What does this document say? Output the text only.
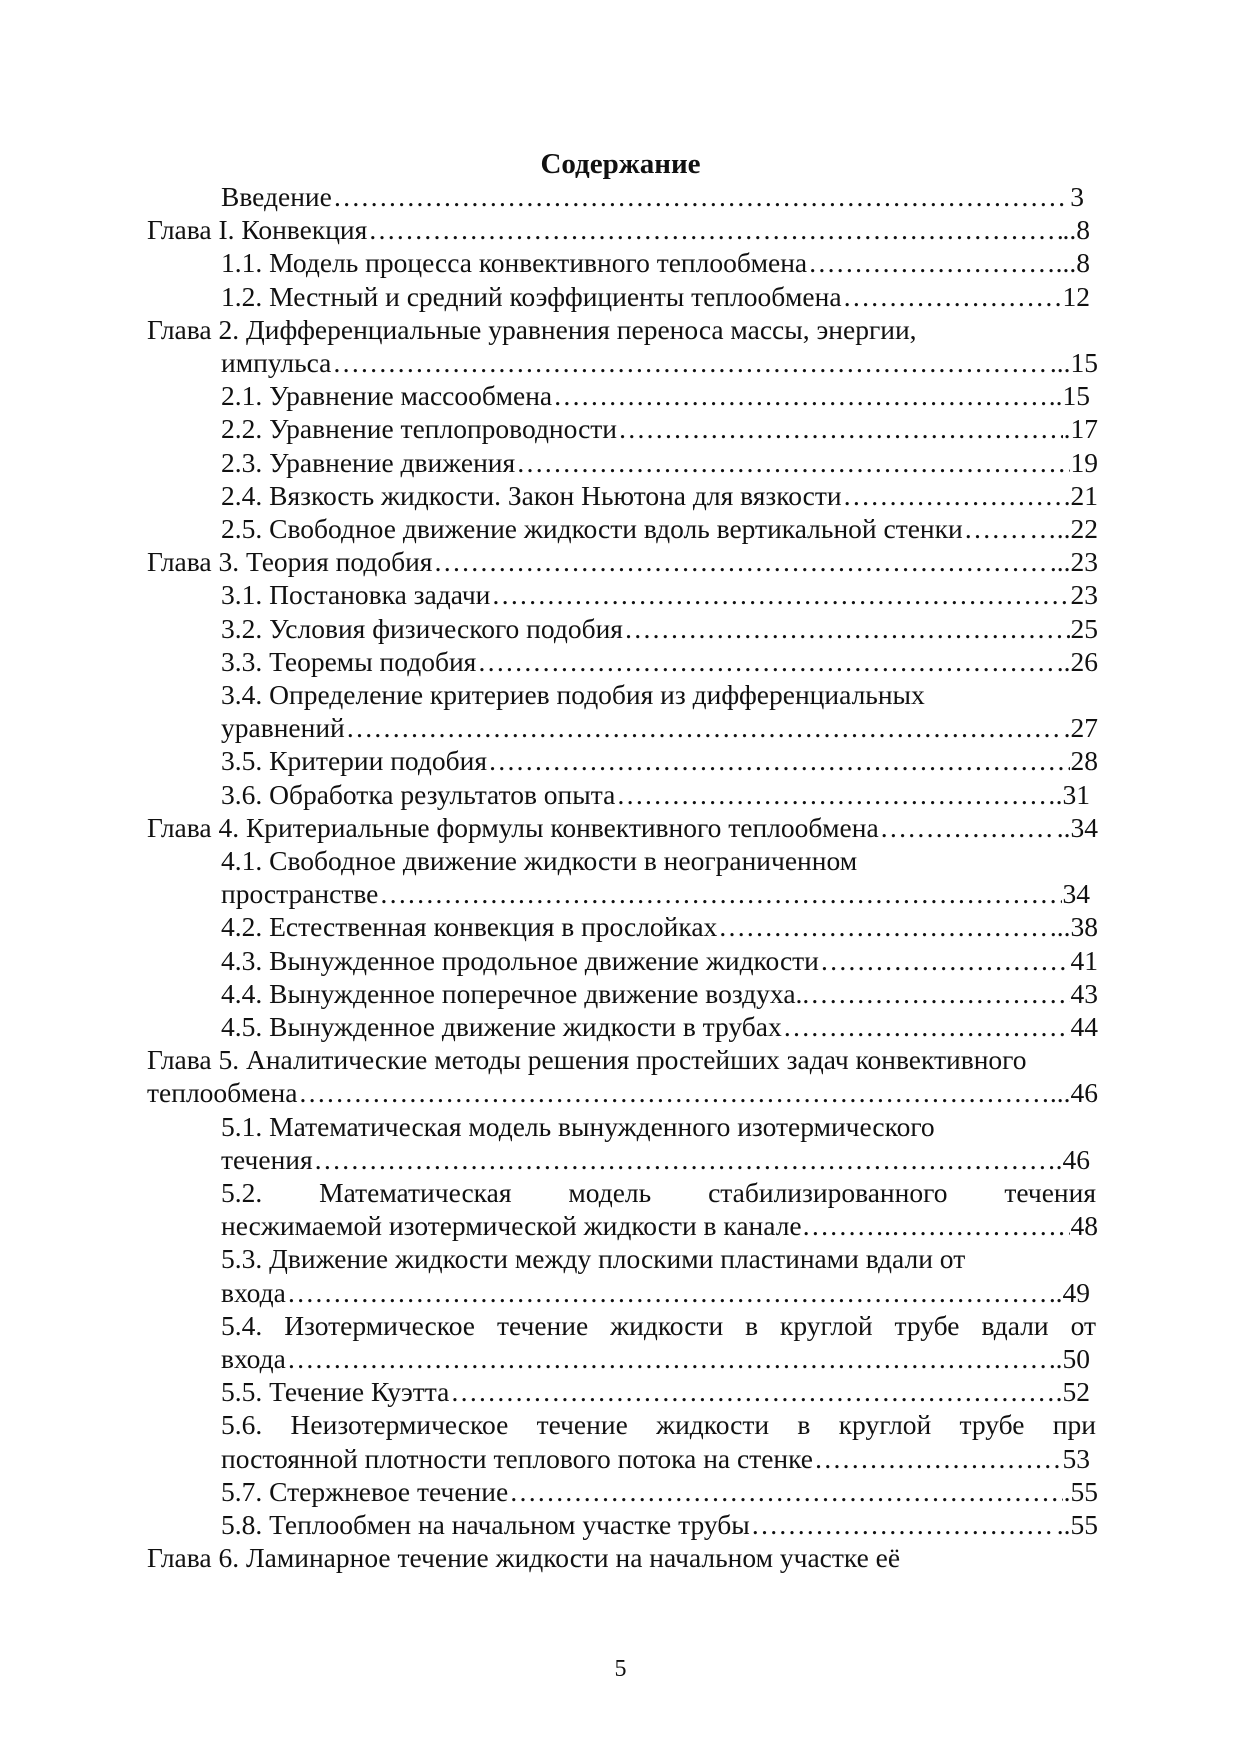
Содержание
Введение ……………………………………………………………………………………………………………………………………………………………………………………	3
Глава I. Конвекция ……………………………………………………………………………………………………………………………………………………………………………………	..8
1.1. Модель процесса конвективного теплообмена ……………………………………………………………………………………………………………………………………………………………………………………	...8
1.2. Местный и средний коэффициенты теплообмена ……………………………………………………………………………………………………………………………………………………………………………………	12
Глава 2. Дифференциальные уравнения переноса массы, энергии,
импульса ……………………………………………………………………………………………………………………………………………………………………………………	...15
2.1. Уравнение массообмена ……………………………………………………………………………………………………………………………………………………………………………………	..15
2.2. Уравнение теплопроводности ……………………………………………………………………………………………………………………………………………………………………………………	.17
2.3. Уравнение движения ……………………………………………………………………………………………………………………………………………………………………………………	19
2.4. Вязкость жидкости. Закон Ньютона для вязкости ……………………………………………………………………………………………………………………………………………………………………………………	21
2.5. Свободное движение жидкости вдоль вертикальной стенки …………………………………………………………………………………………………………………………………………………………………………………… …..22
Глава 3. Теория подобия ……………………………………………………………………………………………………………………………………………………………………………………	...23
3.1. Постановка задачи ……………………………………………………………………………………………………………………………………………………………………………………	23
3.2. Условия физического подобия ……………………………………………………………………………………………………………………………………………………………………………………	25
3.3. Теоремы подобия ……………………………………………………………………………………………………………………………………………………………………………………	..26
3.4. Определение критериев подобия из дифференциальных
уравнений ……………………………………………………………………………………………………………………………………………………………………………………	.27
3.5. Критерии подобия ……………………………………………………………………………………………………………………………………………………………………………………	28
3.6. Обработка результатов опыта ……………………………………………………………………………………………………………………………………………………………………………………	.31
Глава 4. Критериальные формулы конвективного теплообмена ……………………………………………………………………………………………………………………………………………………………………………………	..34
4.1. Свободное движение жидкости в неограниченном
пространстве ……………………………………………………………………………………………………………………………………………………………………………………	34
4.2. Естественная конвекция в прослойках ……………………………………………………………………………………………………………………………………………………………………………………	...38
4.3. Вынужденное продольное движение жидкости ……………………………………………………………………………………………………………………………………………………………………………………	41
4.4. Вынужденное поперечное движение воздуха.. ……………………………………………………………………………………………………………………………………………………………………………………	43
4.5. Вынужденное движение жидкости в трубах ……………………………………………………………………………………………………………………………………………………………………………………	44
Глава 5. Аналитические методы решения простейших задач конвективного
теплообмена ……………………………………………………………………………………………………………………………………………………………………………………	...46
5.1. Математическая модель вынужденного изотермического
течения ……………………………………………………………………………………………………………………………………………………………………………………	.46
5.2. Математическая модель стабилизированного течения
несжимаемой изотермической жидкости в канале……….………… ……………………………………………………………………………………………………………………………………………………………………………………	48
5.3. Движение жидкости между плоскими пластинами вдали от
входа ……………………………………………………………………………………………………………………………………………………………………………………	.49
5.4. Изотермическое течение жидкости в круглой трубе вдали от
входа ……………………………………………………………………………………………………………………………………………………………………………………	.50
5.5. Течение Куэтта ……………………………………………………………………………………………………………………………………………………………………………………	.52
5.6. Неизотермическое течение жидкости в круглой трубе при
постоянной плотности теплового потока на стенке ……………………………………………………………………………………………………………………………………………………………………………………	53
5.7. Стержневое течение ……………………………………………………………………………………………………………………………………………………………………………………	.55
5.8. Теплообмен на начальном участке трубы ……………………………………………………………………………………………………………………………………………………………………………………	..55
Глава 6. Ламинарное течение жидкости на начальном участке её
5
